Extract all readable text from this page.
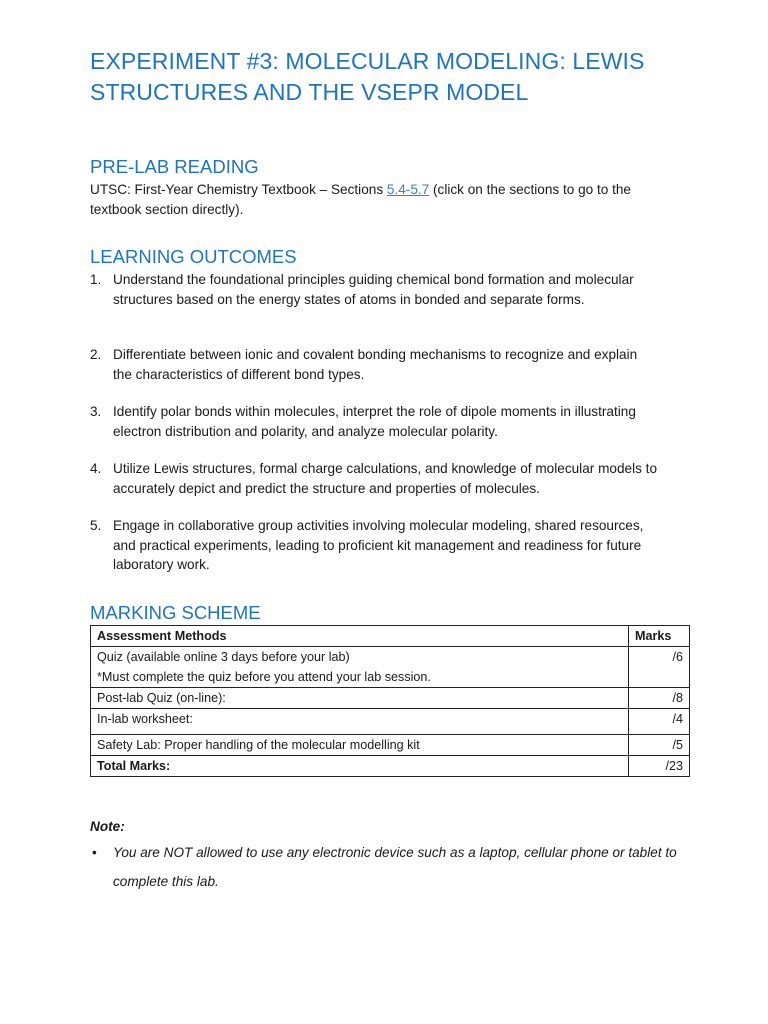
EXPERIMENT #3: MOLECULAR MODELING: LEWIS
STRUCTURES AND THE VSEPR MODEL
PRE-LAB READING
UTSC: First-Year Chemistry Textbook – Sections 5.4-5.7 (click on the sections to go to the textbook section directly).
LEARNING OUTCOMES
1. Understand the foundational principles guiding chemical bond formation and molecular structures based on the energy states of atoms in bonded and separate forms.
2. Differentiate between ionic and covalent bonding mechanisms to recognize and explain the characteristics of different bond types.
3. Identify polar bonds within molecules, interpret the role of dipole moments in illustrating electron distribution and polarity, and analyze molecular polarity.
4. Utilize Lewis structures, formal charge calculations, and knowledge of molecular models to accurately depict and predict the structure and properties of molecules.
5. Engage in collaborative group activities involving molecular modeling, shared resources, and practical experiments, leading to proficient kit management and readiness for future laboratory work.
MARKING SCHEME
Assessment Methods	Marks
Quiz (available online 3 days before your lab)
*Must complete the quiz before you attend your lab session.	/6
Post-lab Quiz (on-line):	/8
In-lab worksheet:	/4
Safety Lab: Proper handling of the molecular modelling kit	/5
Total Marks:	/23
Note:
• You are NOT allowed to use any electronic device such as a laptop, cellular phone or tablet to complete this lab.
